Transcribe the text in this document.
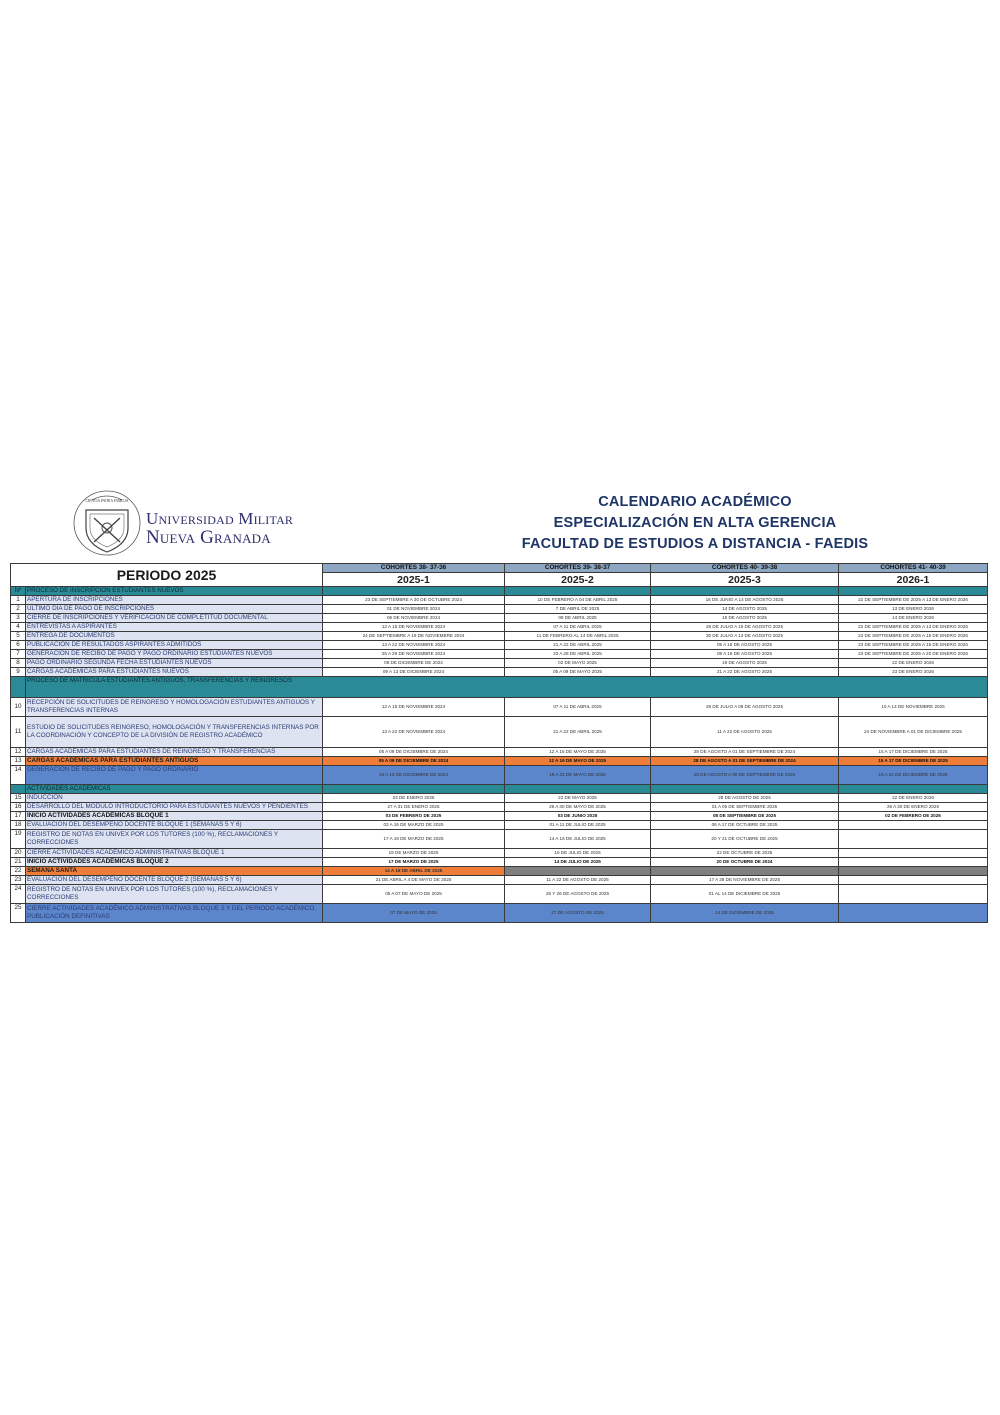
CIENCIA PATRIA FAMILIA
Universidad Militar
Nueva Granada
CALENDARIO ACADÉMICO
ESPECIALIZACIÓN EN ALTA GERENCIA
FACULTAD DE ESTUDIOS A DISTANCIA - FAEDIS
PERIODO 2025		COHORTES 38- 37-36	COHORTES 39- 38-37	COHORTES 40- 39-38	COHORTES 41- 40-39
		2025-1	2025-2	2025-3	2026-1
Nº	PROCESO DE INSCRIPCIÓN ESTUDIANTES NUEVOS				
1	APERTURA DE INSCRIPCIONES	23 DE SEPTIEMBRE A 30 DE OCTUBRE 2024	10 DE FEBRERO A 04 DE ABRIL 2025	16 DE JUNIO A 14 DE AGOSTO 2025	22 DE SEPTIEMBRE DE 2025 A 13 DE ENERO 2026
2	ÚLTIMO DÍA DE PAGO DE INSCRIPCIONES	01 DE NOVIEMBRE 2024	7 DE ABRIL DE 2025	14 DE AGOSTO 2025	13 DE ENERO 2026
3	CIERRE DE INSCRIPCIONES Y VERIFICACIÓN DE COMPLETITUD DOCUMENTAL	06 DE NOVIEMBRE 2024	09 DE ABRIL 2025	15 DE AGOSTO 2025	14 DE ENERO 2026
4	ENTREVISTAS A ASPIRANTES	12 A 15 DE NOVIEMBRE 2024	07 A 11 DE ABRIL 2025	28 DE JULIO A 15 DE AGOSTO 2025	22 DE SEPTIEMBRE DE 2025 A 14 DE ENERO 2026
5	ENTREGA DE DOCUMENTOS	24 DE SEPTIEMBRE A 19 DE NOVIEMBRE 2024	11 DE FEBRERO AL 14 DE ABRIL 2025	30 DE JULIO A 13 DE AGOSTO 2025	23 DE SEPTIEMBRE DE 2025 A 15 DE ENERO 2026
6	PUBLICACIÓN DE RESULTADOS ASPIRANTES ADMITIDOS	13 A 22 DE NOVIEMBRE 2024	21 A 22 DE ABRIL 2025	05 A 15 DE AGOSTO 2025	23 DE SEPTIEMBRE DE 2025 A 16 DE ENERO 2026
7	GENERACIÓN DE RECIBO DE PAGO Y PAGO ORDINARIO ESTUDIANTES NUEVOS	25 A 29 DE NOVIEMBRE 2024	23 A 28 DE ABRIL 2025	08 A 18 DE AGOSTO 2025	23 DE SEPTIEMBRE DE 2025 A 20 DE ENERO 2026
8	PAGO ORDINARIO SEGUNDA FECHA ESTUDIANTES NUEVOS	06 DE DICIEMBRE DE 2024	02 DE MAYO 2025	19 DE AGOSTO 2025	22 DE ENERO 2026
9	CARGAS ACADÉMICAS PARA ESTUDIANTES NUEVOS	09 A 13 DE DICIEMBRE 2024	05 A 09 DE MAYO 2025	21 A 22 DE AGOSTO 2025	23 DE ENERO 2026
	PROCESO DE MATRICULA ESTUDIANTES ANTIGUOS, TRANSFERENCIAS Y REINGRESOS				
10	RECEPCIÓN DE SOLICITUDES DE REINGRESO Y HOMOLOGACIÓN ESTUDIANTES ANTIGUOS Y TRANSFERENCIAS INTERNAS	12 A 15 DE NOVIEMBRE 2024	07 A 11 DE ABRIL 2025	28 DE JULIO A 08 DE AGOSTO 2025	10 A 14 DE NOVIEMBRE 2025
11	ESTUDIO DE SOLICITUDES REINGRESO, HOMOLOGACIÓN Y TRANSFERENCIAS INTERNAS POR LA COORDINACIÓN Y CONCEPTO DE LA DIVISIÓN DE REGISTRO ACADÉMICO	13 A 22 DE NOVIEMBRE 2024	21 A 22 DE ABRIL 2025	11 A 22 DE AGOSTO 2025	24 DE NOVIEMBRE A 01 DE DICIEMBRE 2025
12	CARGAS ACADÉMICAS PARA ESTUDIANTES DE REINGRESO Y TRANSFERENCIAS	05 A 09 DE DICIEMBRE DE 2024	12 A 15 DE MAYO DE 2025	28 DE AGOSTO A 01 DE SEPTIEMBRE DE 2024	15 A 17 DE DICIEMBRE DE 2025
13	CARGAS ACADÉMICAS PARA ESTUDIANTES ANTIGUOS	05 A 09 DE DICIEMBRE DE 2024	12 A 16 DE MAYO DE 2025	28 DE AGOSTO A 01 DE SEPTIEMBRE DE 2024	15 A 17 DE DICIEMBRE DE 2025
14	GENERACIÓN DE RECIBO DE PAGO Y PAGO ORDINARIO	10 A 13 DE DICIEMBRE DE 2024	19 A 23 DE MAYO DE 2025	28 DE AGOSTO A 05 DE SEPTIEMBRE DE 2025	18 A 24 DE DICIEMBRE DE 2025
	ACTIVIDADES ACADÉMICAS				
15	INDUCCIÓN	23 DE ENERO 2025	22 DE MAYO 2025	28 DE AGOSTO DE 2025	22 DE ENERO 2026
16	DESARROLLO DEL MÓDULO INTRODUCTORIO PARA ESTUDIANTES NUEVOS Y PENDIENTES	27 A 31 DE ENERO 2025	26 A 30 DE MAYO DE 2025	01 A 05 DE SEPTIEMBRE 2025	26 A 30 DE ENERO 2026
17	INICIO ACTIVIDADES ACADÉMICAS BLOQUE 1	03 DE FEBRERO DE 2025	03 DE JUNIO 2025	08 DE SEPTIEMBRE DE 2025	02 DE FEBRERO DE 2026
18	EVALUACIÓN DEL DESEMPEÑO DOCENTE BLOQUE 1 (SEMANAS 5 Y 6)	03 A 16 DE MARZO DE 2025	01 A 11 DE JULIO DE 2025	06 A 17 DE OCTUBRE DE 2025	
19	REGISTRO DE NOTAS EN UNIVEX POR LOS TUTORES (100 %), RECLAMACIONES Y CORRECCIONES	17 A 19 DE MARZO DE 2025	14 A 16 DE JULIO DE 2025	20 Y 21 DE OCTUBRE DE 2025	
20	CIERRE ACTIVIDADES ACADÉMICO ADMINISTRATIVAS BLOQUE 1	19 DE MARZO DE 2025	16 DE JULIO DE 2025	22 DE OCTUBRE DE 2025	
21	INICIO ACTIVIDADES ACADÉMICAS BLOQUE 2	17 DE MARZO DE 2025	14 DE JULIO DE 2025	20 DE OCTUBRE DE 2024	
22	SEMANA SANTA	14 A 18 DE ABRIL DE 2025			
23	EVALUACIÓN DEL DESEMPEÑO DOCENTE BLOQUE 2 (SEMANAS 5 Y 6)	21 DE ABRIL A 4 DE MAYO DE 2025	11 A 22 DE AGOSTO DE 2025	17 A 28 DE NOVIEMBRE DE 2025	
24	REGISTRO DE NOTAS EN UNIVEX POR LOS TUTORES (100 %), RECLAMACIONES Y CORRECCIONES	05 A 07 DE MAYO DE 2025	25 Y 26 DE AGOSTO DE 2025	01 AL 14 DE DICIEMBRE DE 2025	
25	CIERRE ACTIVIDADES ACADÉMICO ADMINISTRATIVAS BLOQUE 2 Y DEL PERIODO ACADÉMICO. PUBLICACIÓN DEFINITIVAS	07 DE MAYO DE 2025	27 DE AGOSTO DE 2025	14 DE DICIEMBRE DE 2025	
